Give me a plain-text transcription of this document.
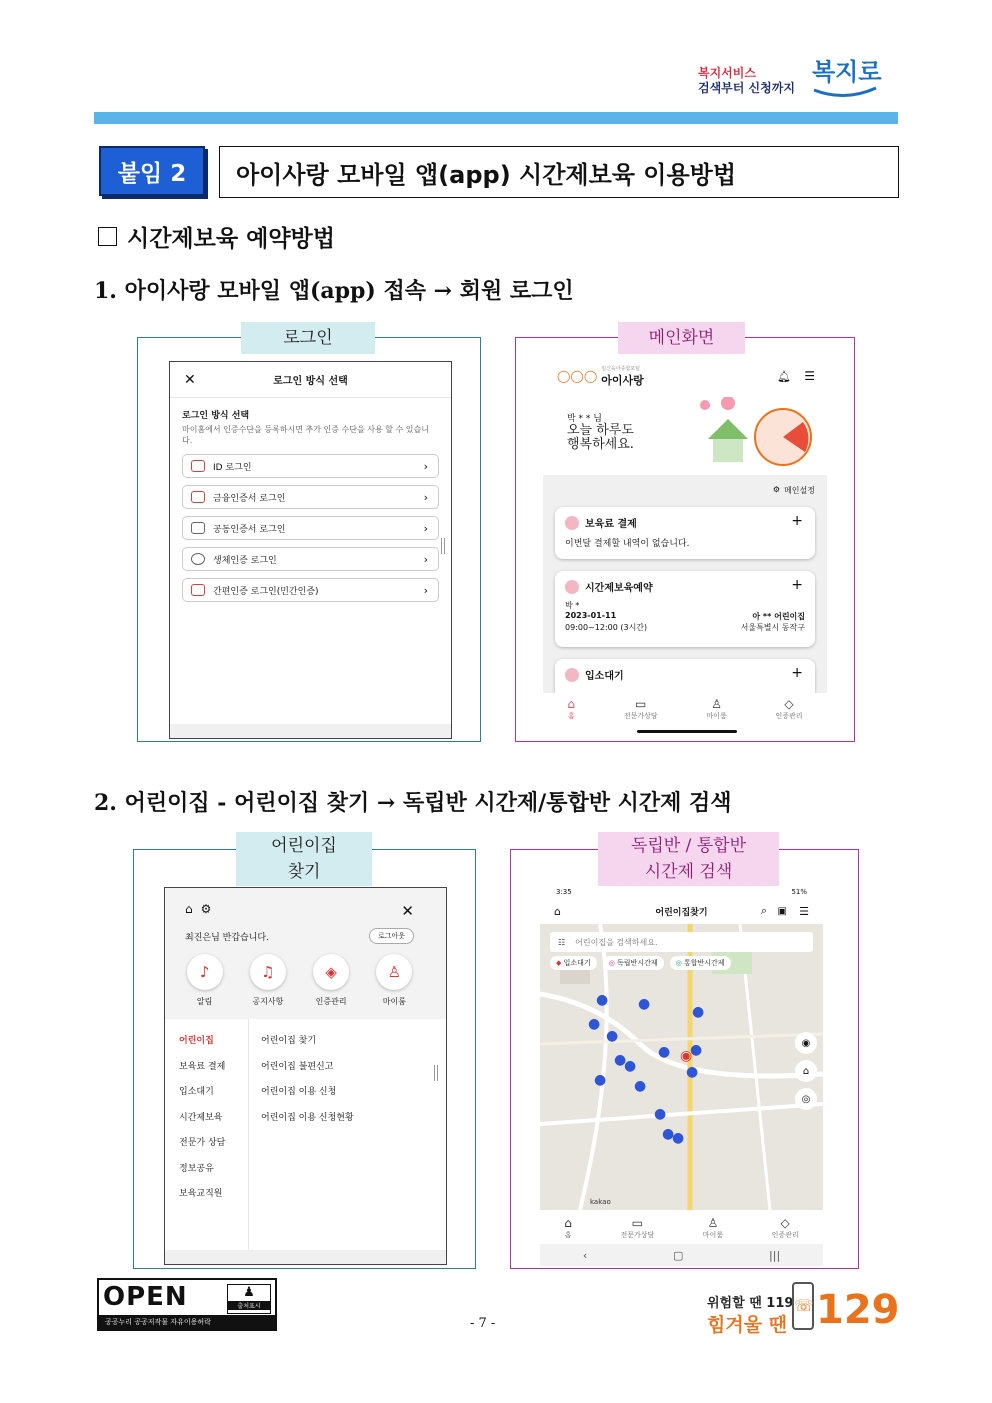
복지서비스
검색부터 신청까지
복지로
붙임 2	아이사랑 모바일 앱(app) 시간제보육 이용방법
시간제보육 예약방법
1. 아이사랑 모바일 앱(app) 접속 → 회원 로그인
로그인
✕	로그인 방식 선택
로그인 방식 선택
마이홈에서 인증수단을 등록하시면 추가 인증 수단을 사용 할 수 있습니다.
ID 로그인	›
금융인증서 로그인	›
공동인증서 로그인	›
생체인증 로그인	›
간편인증 로그인(민간인증)	›
메인화면
◯◯◯
임신육아종합포털
아이사랑	🔔︎ ☰
박 * * 님
오늘 하루도
행복하세요.
⚙ 메인설정
보육료 결제	+
이번달 결제할 내역이 없습니다.
시간제보육예약	+
박 *
2023-01-11	아 ** 어린이집
09:00~12:00 (3시간)	서울특별시 동작구
입소대기	+
⌂
홈
▭
전문가상담
♙
마이룸
◇
인증관리
2. 어린이집 - 어린이집 찾기 → 독립반 시간제/통합반 시간제 검색
어린이집
찾기
⌂ ⚙	✕
최진은님 반갑습니다.	로그아웃
♪
알림
♫
공지사항
◈
인증관리
♙
마이룸
어린이집
보육료 결제
입소대기
시간제보육
전문가 상담
정보공유
보육교직원
어린이집 찾기
어린이집 불편신고
어린이집 이용 신청
어린이집 이용 신청현황
독립반 / 통합반
시간제 검색
3:35	51%
⌂	어린이집찾기	⌕ ▣ ☰
☷ 어린이집을 검색하세요.
◆ 입소대기	◎ 독립반시간제	◎ 통합반시간제
● ●
●
●
●
●
●
●
◉
●
●
● ●
●
●
●
◉
⌂
◎
kakao
⌂
홈
▭
전문가상담
♙
마이룸
◇
인증관리
‹	▢	|||
OPEN	♟
출처표시
공공누리 공공저작물 자유이용허락	- 7 -
위험할 땐 119
힘겨울 땐
☏ 129
